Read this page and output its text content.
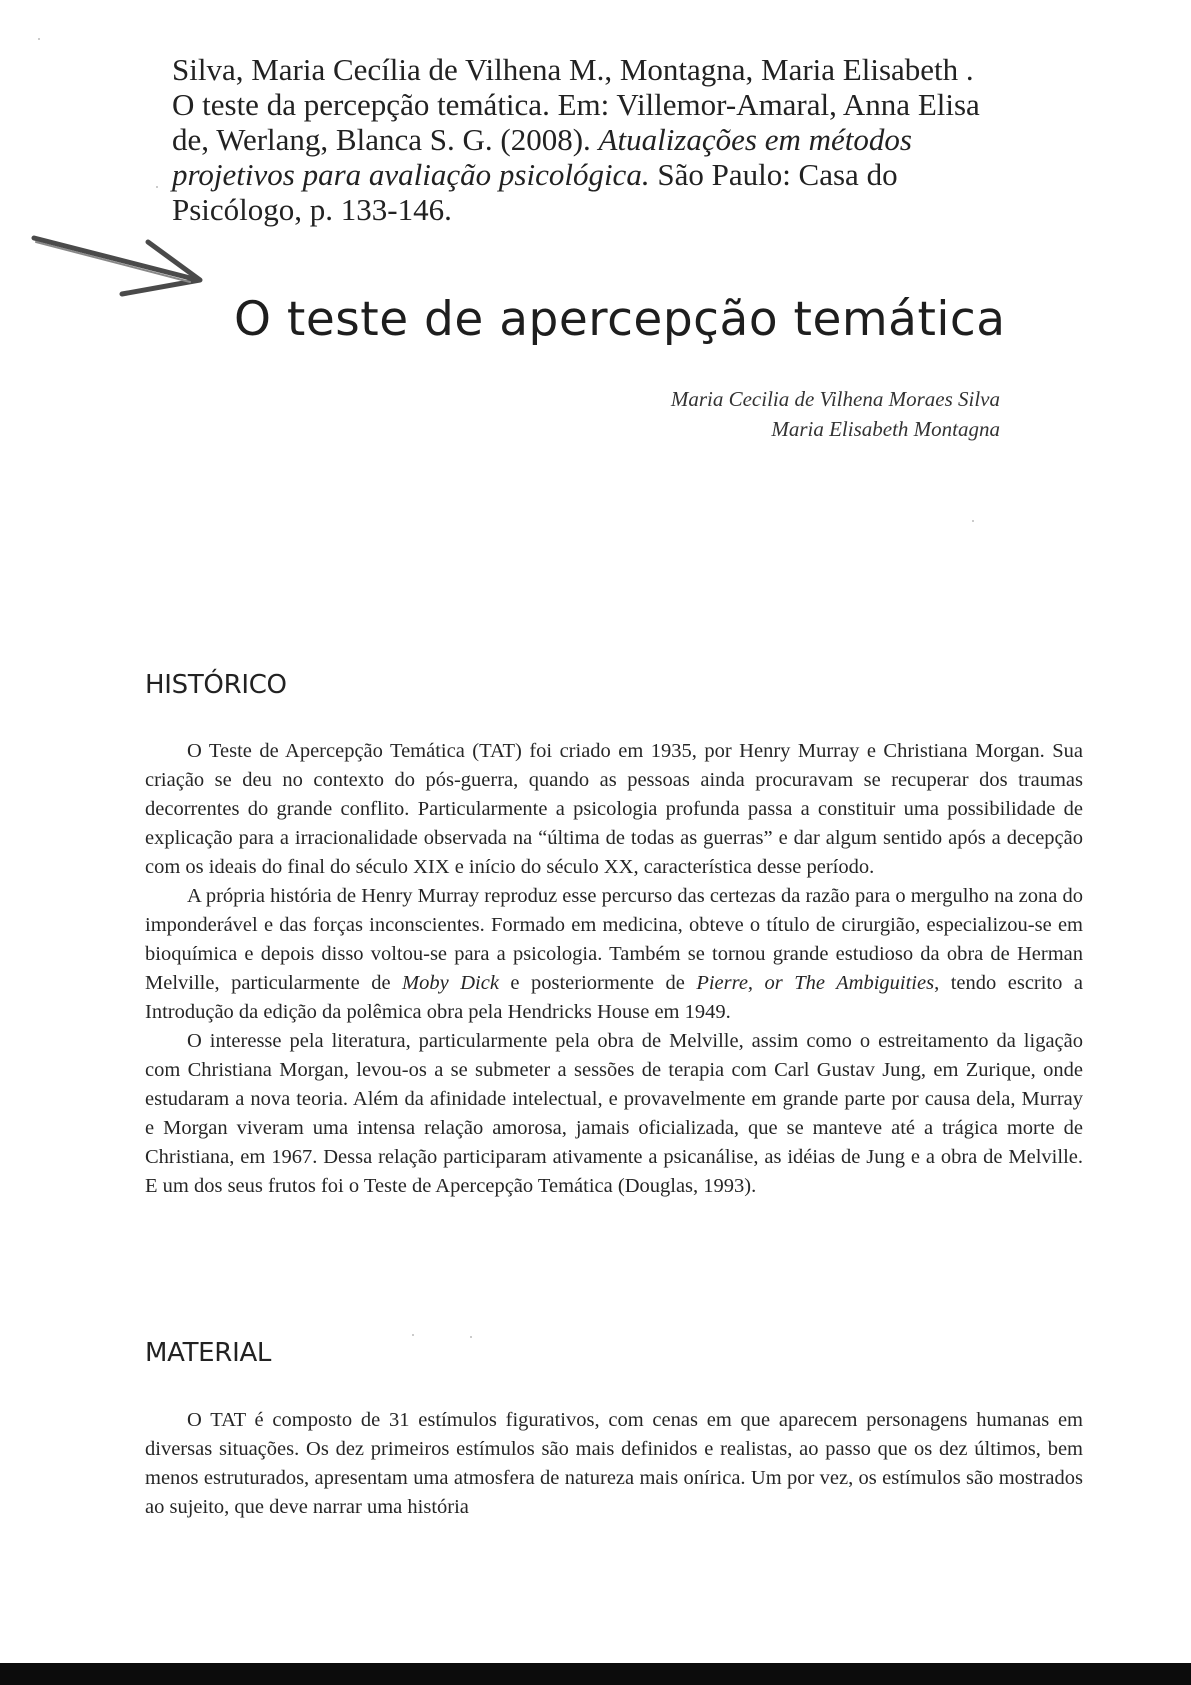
Silva, Maria Cecília de Vilhena M., Montagna, Maria Elisabeth .
O teste da percepção temática. Em: Villemor-Amaral, Anna Elisa
de, Werlang, Blanca S. G. (2008). Atualizações em métodos
projetivos para avaliação psicológica. São Paulo: Casa do
Psicólogo, p. 133-146.
O teste de apercepção temática
Maria Cecilia de Vilhena Moraes Silva
Maria Elisabeth Montagna
HISTÓRICO

O Teste de Apercepção Temática (TAT) foi criado em 1935, por Henry Murray e Christiana Morgan. Sua criação se deu no contexto do pós-guerra, quando as pessoas ainda procuravam se recuperar dos traumas decorrentes do grande conflito. Particularmente a psicologia profunda passa a constituir uma possibilidade de explicação para a irracionalidade observada na “última de todas as guerras” e dar algum sentido após a decepção com os ideais do final do século XIX e início do século XX, característica desse período.

A própria história de Henry Murray reproduz esse percurso das certezas da razão para o mergulho na zona do imponderável e das forças inconscientes. Formado em medicina, obteve o título de cirurgião, especializou-se em bioquímica e depois disso voltou-se para a psicologia. Também se tornou grande estudioso da obra de Herman Melville, particularmente de Moby Dick e posteriormente de Pierre, or The Ambiguities, tendo escrito a Introdução da edição da polêmica obra pela Hendricks House em 1949.

O interesse pela literatura, particularmente pela obra de Melville, assim como o estreitamento da ligação com Christiana Morgan, levou-os a se submeter a sessões de terapia com Carl Gustav Jung, em Zurique, onde estudaram a nova teoria. Além da afinidade intelectual, e provavelmente em grande parte por causa dela, Murray e Morgan viveram uma intensa relação amorosa, jamais oficializada, que se manteve até a trágica morte de Christiana, em 1967. Dessa relação participaram ativamente a psicanálise, as idéias de Jung e a obra de Melville. E um dos seus frutos foi o Teste de Apercepção Temática (Douglas, 1993).

MATERIAL

O TAT é composto de 31 estímulos figurativos, com cenas em que aparecem personagens humanas em diversas situações. Os dez primeiros estímulos são mais definidos e realistas, ao passo que os dez últimos, bem menos estruturados, apresentam uma atmosfera de natureza mais onírica. Um por vez, os estímulos são mostrados ao sujeito, que deve narrar uma história
